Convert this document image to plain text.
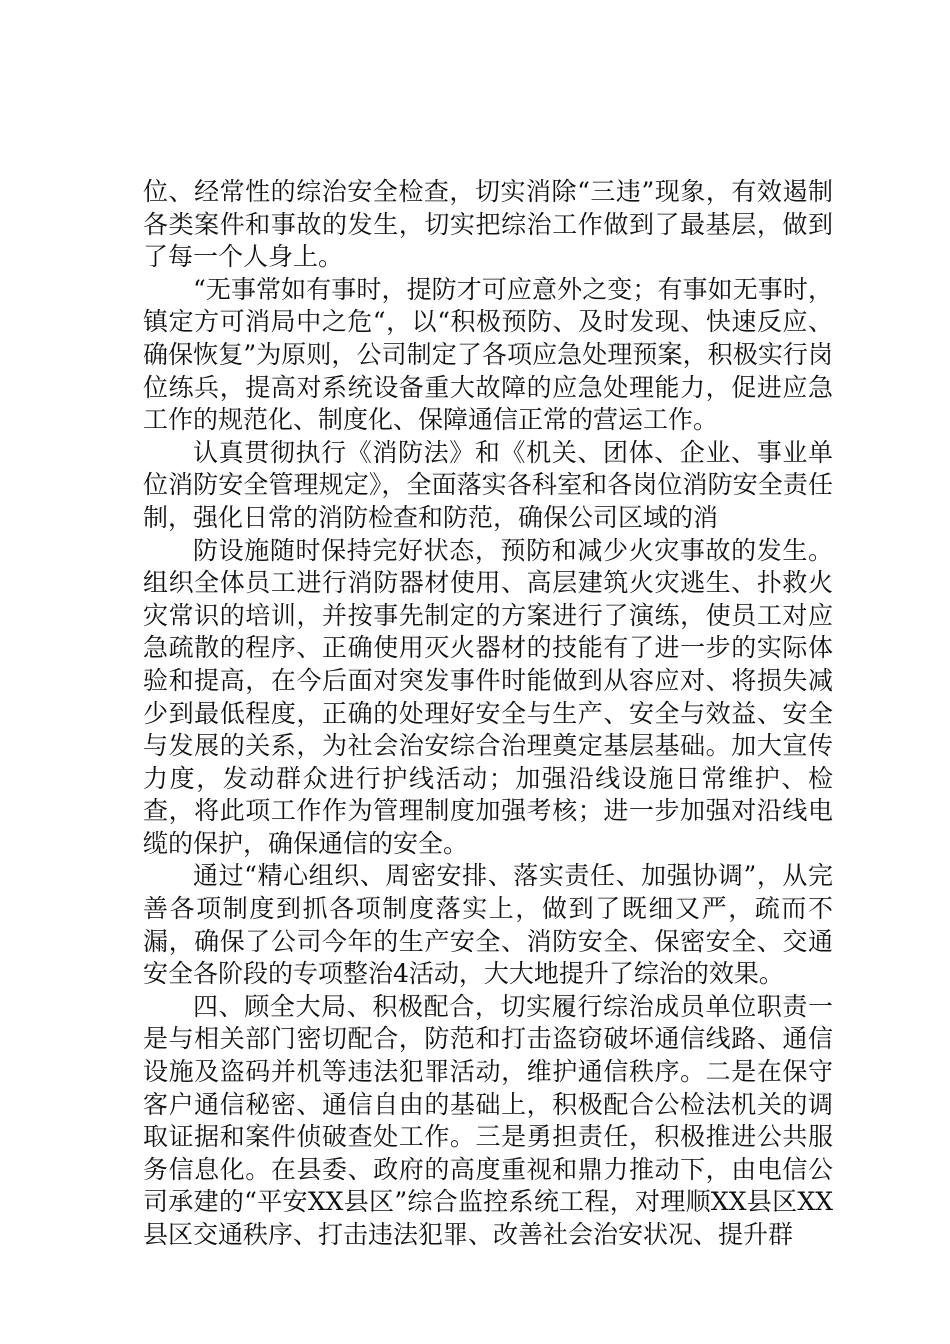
位、经常性的综治安全检查，切实消除“三违”现象，有效遏制各类案件和事故的发生，切实把综治工作做到了最基层，做到了每一个人身上。

“无事常如有事时，提防才可应意外之变；有事如无事时，镇定方可消局中之危“，以“积极预防、及时发现、快速反应、确保恢复”为原则，公司制定了各项应急处理预案，积极实行岗位练兵，提高对系统设备重大故障的应急处理能力，促进应急工作的规范化、制度化、保障通信正常的营运工作。

认真贯彻执行《消防法》和《机关、团体、企业、事业单位消防安全管理规定》，全面落实各科室和各岗位消防安全责任制，强化日常的消防检查和防范，确保公司区域的消

防设施随时保持完好状态，预防和减少火灾事故的发生。组织全体员工进行消防器材使用、高层建筑火灾逃生、扑救火灾常识的培训，并按事先制定的方案进行了演练，使员工对应急疏散的程序、正确使用灭火器材的技能有了进一步的实际体验和提高，在今后面对突发事件时能做到从容应对、将损失减少到最低程度，正确的处理好安全与生产、安全与效益、安全与发展的关系，为社会治安综合治理奠定基层基础。加大宣传力度，发动群众进行护线活动；加强沿线设施日常维护、检查，将此项工作作为管理制度加强考核；进一步加强对沿线电缆的保护，确保通信的安全。

通过“精心组织、周密安排、落实责任、加强协调”，从完善各项制度到抓各项制度落实上，做到了既细又严，疏而不漏，确保了公司今年的生产安全、消防安全、保密安全、交通安全各阶段的专项整治4活动，大大地提升了综治的效果。

四、顾全大局、积极配合，切实履行综治成员单位职责一是与相关部门密切配合，防范和打击盗窃破坏通信线路、通信设施及盗码并机等违法犯罪活动，维护通信秩序。二是在保守客户通信秘密、通信自由的基础上，积极配合公检法机关的调取证据和案件侦破查处工作。三是勇担责任，积极推进公共服务信息化。在县委、政府的高度重视和鼎力推动下，由电信公司承建的“平安XX县区”综合监控系统工程，对理顺XX县区XX县区交通秩序、打击违法犯罪、改善社会治安状况、提升群
